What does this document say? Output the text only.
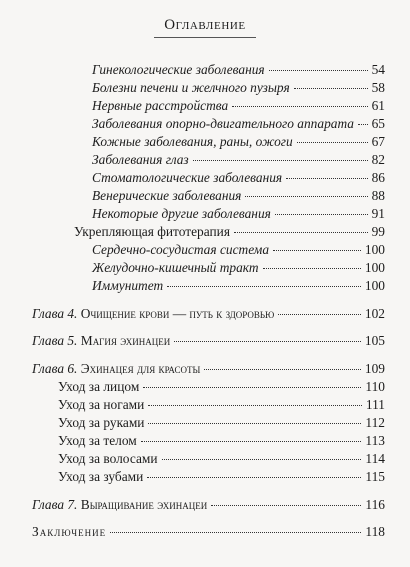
Оглавление
Гинекологические заболевания	54
Болезни печени и желчного пузыря	58
Нервные расстройства	61
Заболевания опорно-двигательного аппарата 65
Кожные заболевания, раны, ожоги	67
Заболевания глаз	82
Стоматологические заболевания	86
Венерические заболевания	88
Некоторые другие заболевания	91
Укрепляющая фитотерапия	99
Сердечно-сосудистая система	100
Желудочно-кишечный тракт	100
Иммунитет	100
Глава 4. Очищение крови — путь к здоровью	102
Глава 5. Магия эхинацеи	105
Глава 6. Эхинацея для красоты	109
Уход за лицом	110
Уход за ногами	111
Уход за руками	112
Уход за телом	113
Уход за волосами	114
Уход за зубами	115
Глава 7. Выращивание эхинацеи	116
Заключение	118
